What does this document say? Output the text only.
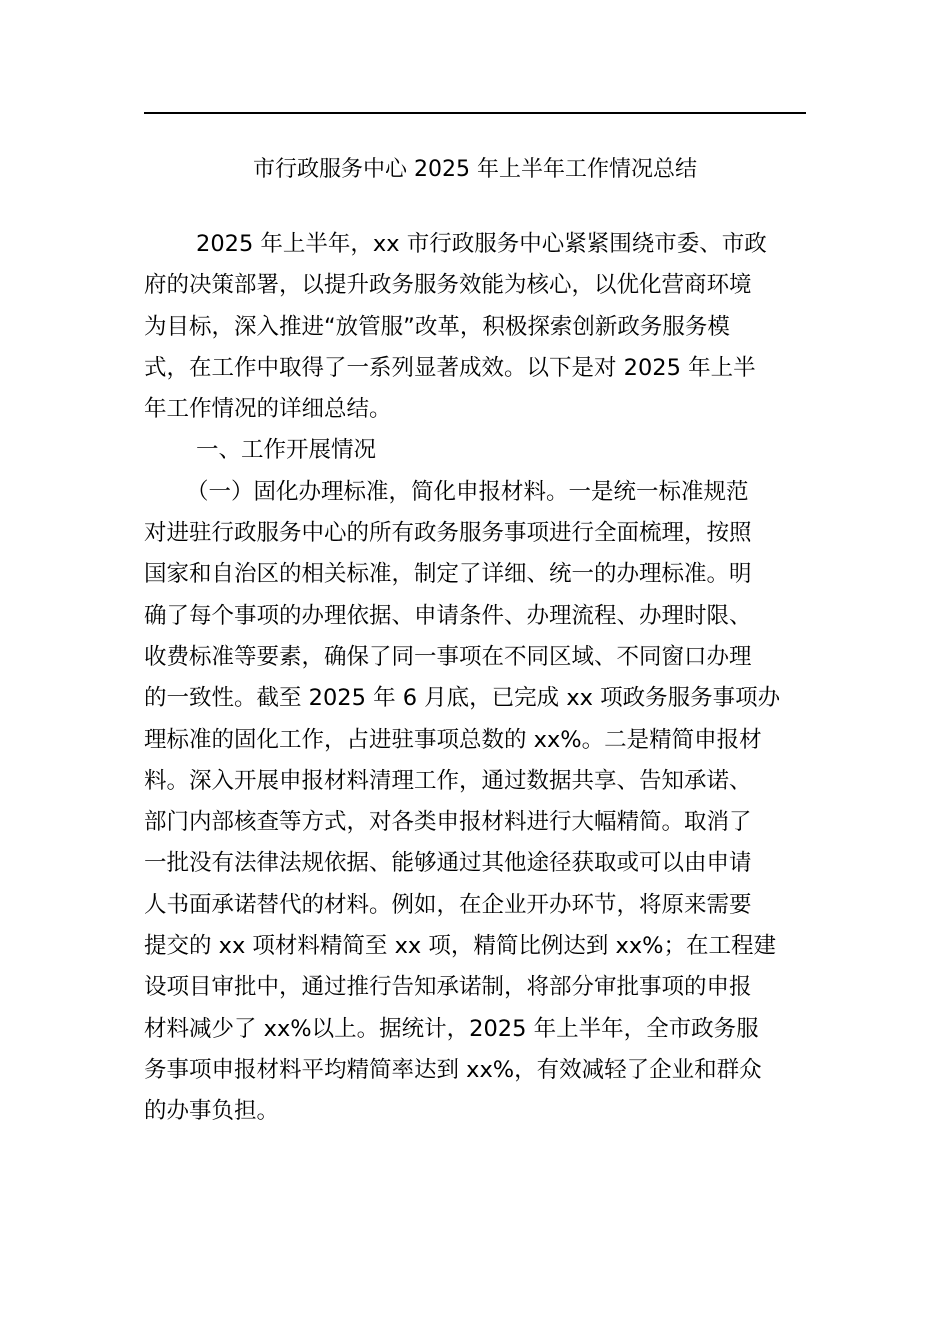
市行政服务中心 2025 年上半年工作情况总结
2025 年上半年，xx 市行政服务中心紧紧围绕市委、市政
府的决策部署，以提升政务服务效能为核心，以优化营商环境
为目标，深入推进“放管服”改革，积极探索创新政务服务模
式，在工作中取得了一系列显著成效。以下是对 2025 年上半
年工作情况的详细总结。
一、工作开展情况
（一）固化办理标准，简化申报材料。一是统一标准规范
对进驻行政服务中心的所有政务服务事项进行全面梳理，按照
国家和自治区的相关标准，制定了详细、统一的办理标准。明
确了每个事项的办理依据、申请条件、办理流程、办理时限、
收费标准等要素，确保了同一事项在不同区域、不同窗口办理
的一致性。截至 2025 年 6 月底，已完成 xx 项政务服务事项办
理标准的固化工作，占进驻事项总数的 xx%。二是精简申报材
料。深入开展申报材料清理工作，通过数据共享、告知承诺、
部门内部核查等方式，对各类申报材料进行大幅精简。取消了
一批没有法律法规依据、能够通过其他途径获取或可以由申请
人书面承诺替代的材料。例如，在企业开办环节，将原来需要
提交的 xx 项材料精简至 xx 项，精简比例达到 xx%；在工程建
设项目审批中，通过推行告知承诺制，将部分审批事项的申报
材料减少了 xx%以上。据统计，2025 年上半年，全市政务服
务事项申报材料平均精简率达到 xx%，有效减轻了企业和群众
的办事负担。
